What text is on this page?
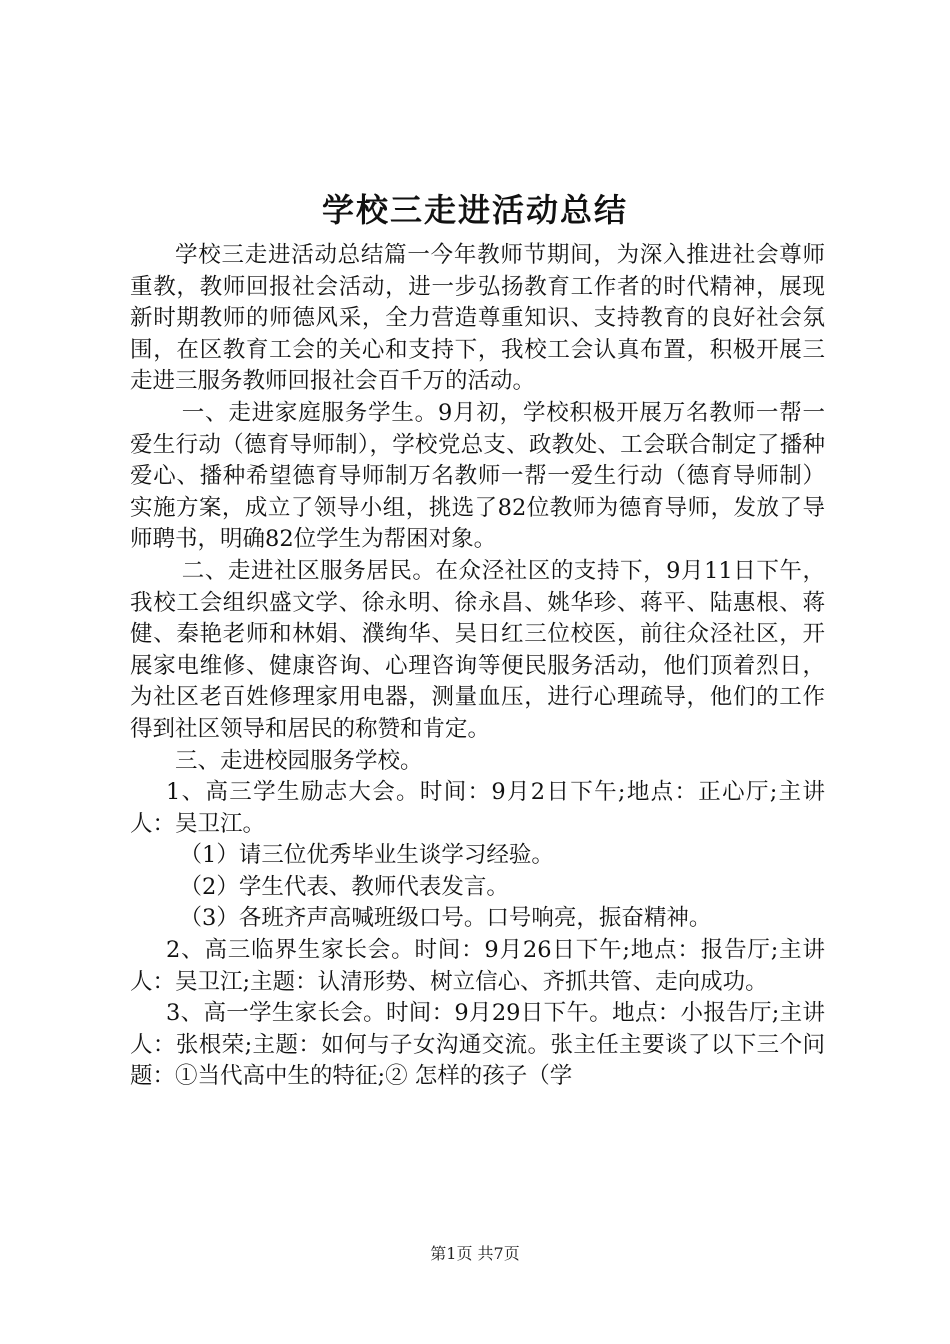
学校三走进活动总结

学校三走进活动总结篇一今年教师节期间，为深入推进社会尊师重教，教师回报社会活动，进一步弘扬教育工作者的时代精神，展现新时期教师的师德风采，全力营造尊重知识、支持教育的良好社会氛围，在区教育工会的关心和支持下，我校工会认真布置，积极开展三走进三服务教师回报社会百千万的活动。

一、走进家庭服务学生。9月初，学校积极开展万名教师一帮一爱生行动（德育导师制），学校党总支、政教处、工会联合制定了播种爱心、播种希望德育导师制万名教师一帮一爱生行动（德育导师制）实施方案，成立了领导小组，挑选了82位教师为德育导师，发放了导师聘书，明确82位学生为帮困对象。

二、走进社区服务居民。在众泾社区的支持下，9月11日下午，我校工会组织盛文学、徐永明、徐永昌、姚华珍、蒋平、陆惠根、蒋健、秦艳老师和林娟、濮绚华、吴日红三位校医，前往众泾社区，开展家电维修、健康咨询、心理咨询等便民服务活动，他们顶着烈日，为社区老百姓修理家用电器，测量血压，进行心理疏导，他们的工作得到社区领导和居民的称赞和肯定。

三、走进校园服务学校。

1、高三学生励志大会。时间：9月2日下午;地点：正心厅;主讲人：吴卫江。

（1）请三位优秀毕业生谈学习经验。

（2）学生代表、教师代表发言。

（3）各班齐声高喊班级口号。口号响亮，振奋精神。

2、高三临界生家长会。时间：9月26日下午;地点：报告厅;主讲人：吴卫江;主题：认清形势、树立信心、齐抓共管、走向成功。

3、高一学生家长会。时间：9月29日下午。地点：小报告厅;主讲人：张根荣;主题：如何与子女沟通交流。张主任主要谈了以下三个问题：①当代高中生的特征;② 怎样的孩子（学

第1页 共7页
